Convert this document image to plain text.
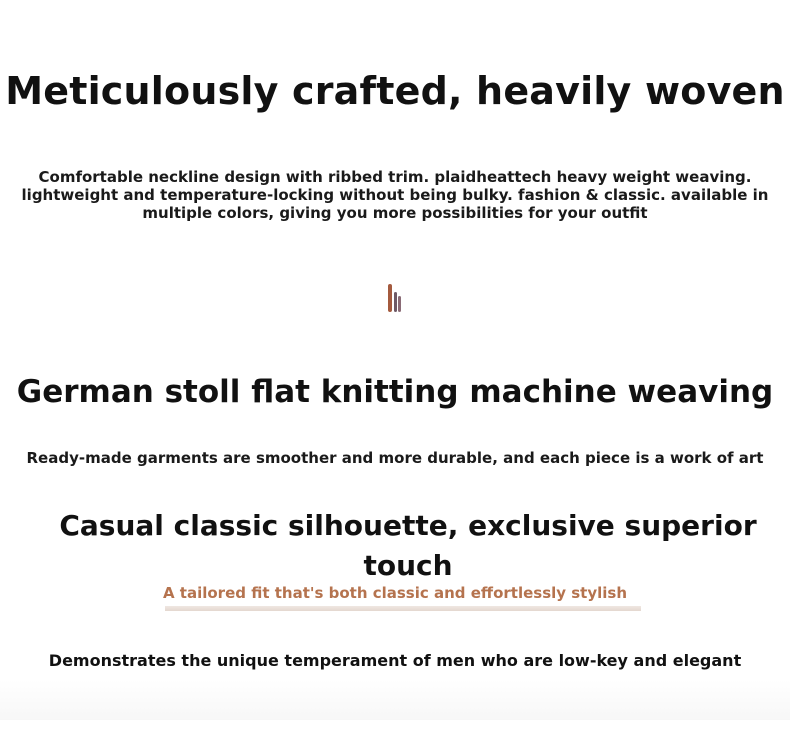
Meticulously crafted, heavily woven
Comfortable neckline design with ribbed trim. plaidheattech heavy weight weaving. lightweight and temperature-locking without being bulky. fashion & classic. available in multiple colors, giving you more possibilities for your outfit
German stoll flat knitting machine weaving
Ready-made garments are smoother and more durable, and each piece is a work of art
Casual classic silhouette, exclusive superior touch
A tailored fit that's both classic and effortlessly stylish
Demonstrates the unique temperament of men who are low-key and elegant
